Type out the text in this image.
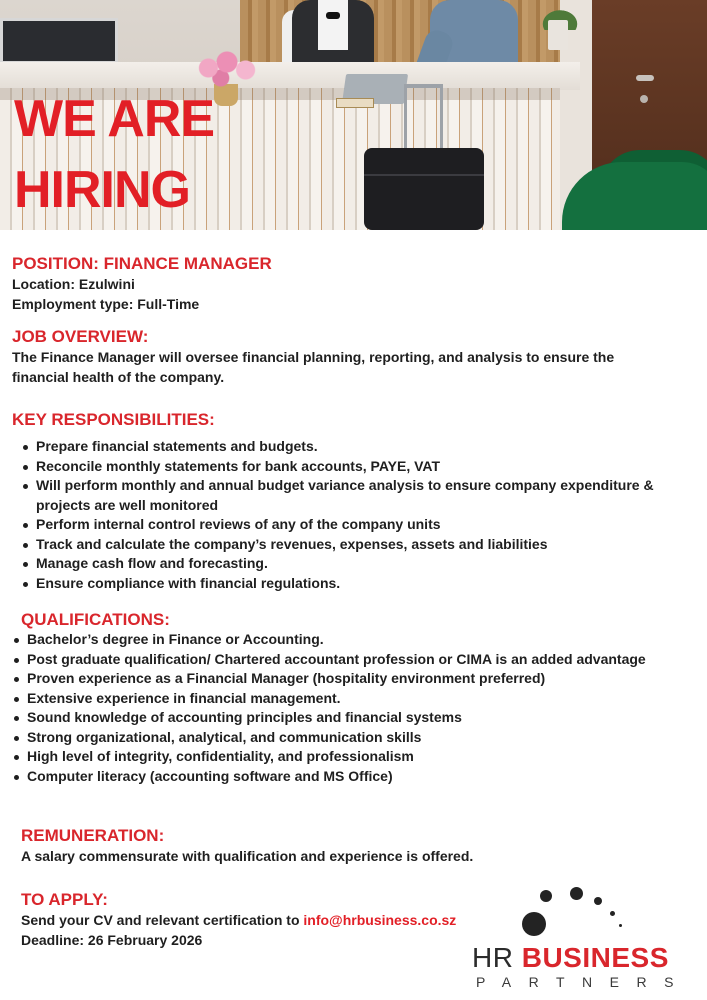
WE ARE
HIRING
POSITION: FINANCE MANAGER
Location: Ezulwini
Employment type: Full-Time
JOB OVERVIEW:
The Finance Manager will oversee financial planning, reporting, and analysis to ensure the financial health of the company.
KEY RESPONSIBILITIES:
Prepare financial statements and budgets.
Reconcile monthly statements for bank accounts, PAYE, VAT
Will perform monthly and annual budget variance analysis to ensure company expenditure & projects are well monitored
Perform internal control reviews of any of the company units
Track and calculate the company’s revenues, expenses, assets and liabilities
Manage cash flow and forecasting.
Ensure compliance with financial regulations.
QUALIFICATIONS:
Bachelor’s degree in Finance or Accounting.
Post graduate qualification/ Chartered accountant profession or CIMA is an added advantage
Proven experience as a Financial Manager (hospitality environment preferred)
Extensive experience in financial management.
Sound knowledge of accounting principles and financial systems
Strong organizational, analytical, and communication skills
High level of integrity, confidentiality, and professionalism
Computer literacy (accounting software and MS Office)
REMUNERATION:
A salary commensurate with qualification and experience is offered.
TO APPLY:
Send your CV and relevant certification to info@hrbusiness.co.sz
Deadline: 26 February 2026
HR BUSINESS
PARTNERS
